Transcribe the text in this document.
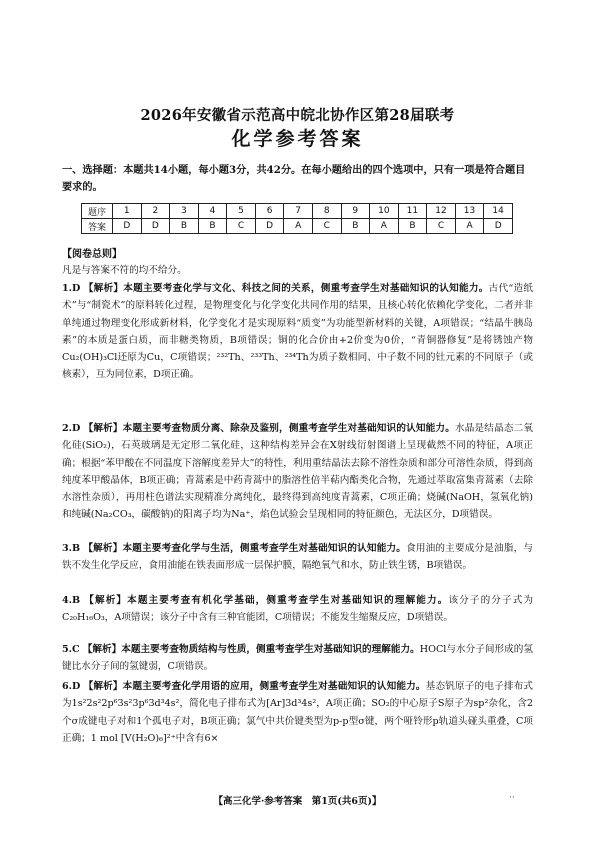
2026年安徽省示范高中皖北协作区第28届联考
化学参考答案
一、选择题：本题共14小题，每小题3分，共42分。在每小题给出的四个选项中，只有一项是符合题目要求的。
题序	1	2	3	4	5	6	7	8	9	10	11	12	13	14
答案	D	D	B	B	C	D	A	C	B	A	B	C	A	D
【阅卷总则】
凡是与答案不符的均不给分。
1.D 【解析】本题主要考查化学与文化、科技之间的关系，侧重考查学生对基础知识的认知能力。古代“造纸术”与“制瓷术”的原料转化过程，是物理变化与化学变化共同作用的结果，且核心转化依赖化学变化，二者并非单纯通过物理变化形成新材料，化学变化才是实现原料“质变”为功能型新材料的关键，A项错误；“结晶牛胰岛素”的本质是蛋白质，而非糖类物质，B项错误；铜的化合价由+2价变为0价，“青铜器修复”是将锈蚀产物Cu₂(OH)₃Cl还原为Cu，C项错误；²³²Th、²³³Th、²³⁴Th为质子数相同、中子数不同的钍元素的不同原子（或核素），互为同位素，D项正确。
2.D 【解析】本题主要考查物质分离、除杂及鉴别，侧重考查学生对基础知识的认知能力。水晶是结晶态二氧化硅(SiO₂)，石英玻璃是无定形二氧化硅，这种结构差异会在X射线衍射图谱上呈现截然不同的特征，A项正确；根据“苯甲酸在不同温度下溶解度差异大”的特性，利用重结晶法去除不溶性杂质和部分可溶性杂质，得到高纯度苯甲酸晶体，B项正确；青蒿素是中药青蒿中的脂溶性倍半萜内酯类化合物，先通过萃取富集青蒿素（去除水溶性杂质），再用柱色谱法实现精准分离纯化，最终得到高纯度青蒿素，C项正确；烧碱(NaOH，氢氧化钠)和纯碱(Na₂CO₃，碳酸钠)的阳离子均为Na⁺，焰色试验会呈现相同的特征颜色，无法区分，D项错误。
3.B 【解析】本题主要考查化学与生活，侧重考查学生对基础知识的认知能力。食用油的主要成分是油脂，与铁不发生化学反应，食用油能在铁表面形成一层保护膜，隔绝氧气和水，防止铁生锈，B项错误。
4.B 【解析】本题主要考查有机化学基础，侧重考查学生对基础知识的理解能力。该分子的分子式为C₂₀H₁₆O₃，A项错误；该分子中含有三种官能团，C项错误；不能发生缩聚反应，D项错误。
5.C 【解析】本题主要考查物质结构与性质，侧重考查学生对基础知识的理解能力。HOCl与水分子间形成的氢键比水分子间的氢键弱，C项错误。
6.D 【解析】本题主要考查化学用语的应用，侧重考查学生对基础知识的认知能力。基态钒原子的电子排布式为1s²2s²2p⁶3s²3p⁶3d³4s²，简化电子排布式为[Ar]3d³4s²，A项正确；SO₂的中心原子S原子为sp²杂化，含2个σ成键电子对和1个孤电子对，B项正确；氯气中共价键类型为p-p型σ键，两个哑铃形p轨道头碰头重叠，C项正确；1 mol [V(H₂O)₆]²⁺中含有6×
【高三化学·参考答案　第1页(共6页)】	··
